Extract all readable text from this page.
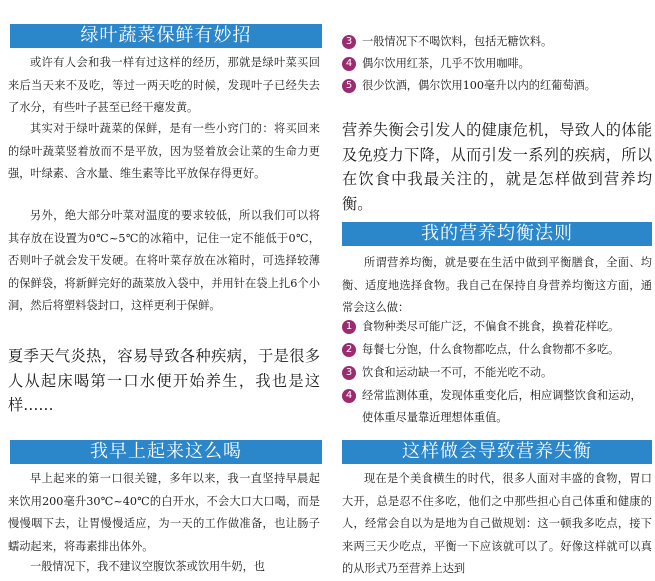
绿叶蔬菜保鲜有妙招

或许有人会和我一样有过这样的经历，那就是绿叶菜买回来后当天来不及吃，等过一两天吃的时候，发现叶子已经失去了水分，有些叶子甚至已经干瘪发黄。

其实对于绿叶蔬菜的保鲜，是有一些小窍门的：将买回来的绿叶蔬菜竖着放而不是平放，因为竖着放会让菜的生命力更强，叶绿素、含水量、维生素等比平放保存得更好。

另外，绝大部分叶菜对温度的要求较低，所以我们可以将其存放在设置为0℃~5℃的冰箱中，记住一定不能低于0℃，否则叶子就会发干发硬。在将叶菜存放在冰箱时，可选择较薄的保鲜袋，将新鲜完好的蔬菜放入袋中，并用针在袋上扎6个小洞，然后将塑料袋封口，这样更利于保鲜。

夏季天气炎热，容易导致各种疾病，于是很多人从起床喝第一口水便开始养生，我也是这样……

我早上起来这么喝

早上起来的第一口很关键，多年以来，我一直坚持早晨起来饮用200毫升30℃~40℃的白开水，不会大口大口喝，而是慢慢咽下去，让胃慢慢适应，为一天的工作做准备，也让肠子蠕动起来，将毒素排出体外。

一般情况下，我不建议空腹饮茶或饮用牛奶，也

3 一般情况下不喝饮料，包括无糖饮料。
4 偶尔饮用红茶，几乎不饮用咖啡。
5 很少饮酒，偶尔饮用100毫升以内的红葡萄酒。

营养失衡会引发人的健康危机，导致人的体能及免疫力下降，从而引发一系列的疾病，所以在饮食中我最关注的，就是怎样做到营养均衡。

我的营养均衡法则

所谓营养均衡，就是要在生活中做到平衡膳食，全面、均衡、适度地选择食物。我自己在保持自身营养均衡这方面，通常会这么做：

1 食物种类尽可能广泛，不偏食不挑食，换着花样吃。
2 每餐七分饱，什么食物都吃点，什么食物都不多吃。
3 饮食和运动缺一不可，不能光吃不动。
4 经常监测体重，发现体重变化后，相应调整饮食和运动，使体重尽量靠近理想体重值。
这样做会导致营养失衡

现在是个美食横生的时代，很多人面对丰盛的食物，胃口大开，总是忍不住多吃，他们之中那些担心自己体重和健康的人，经常会自以为是地为自己做规划：这一顿我多吃点，接下来两三天少吃点，平衡一下应该就可以了。好像这样就可以真的从形式乃至营养上达到
